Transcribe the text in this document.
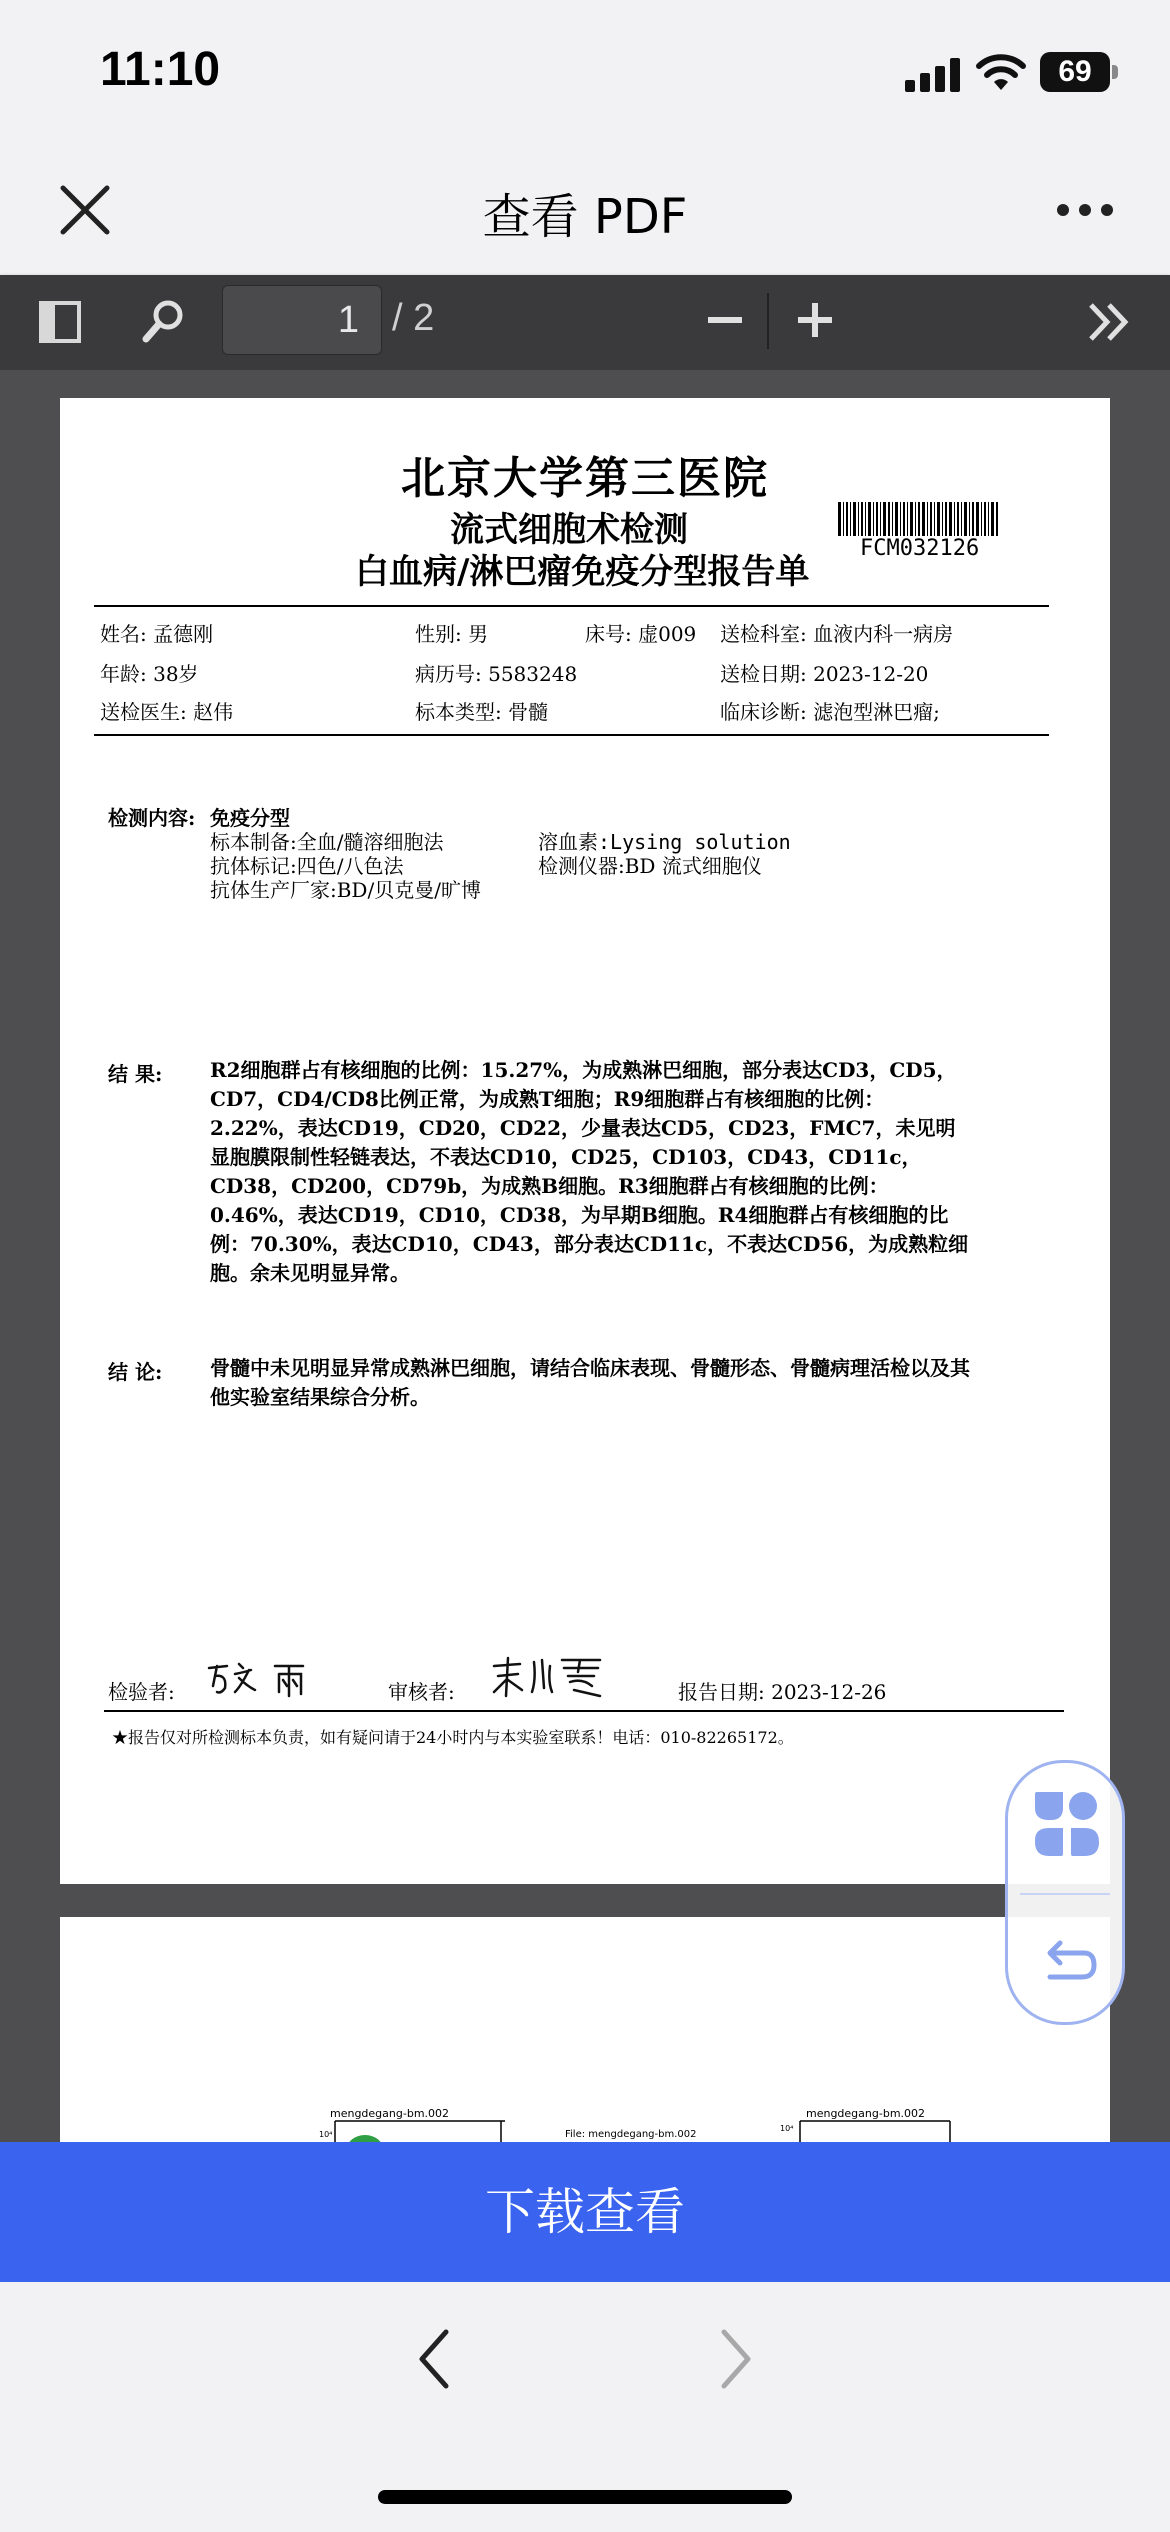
11:10	69
查看 PDF
1 / 2
北京大学第三医院
流式细胞术检测
白血病/淋巴瘤免疫分型报告单
FCM032126
姓名: 孟德刚	性别: 男	床号: 虚009 送检科室: 血液内科一病房
年龄: 38岁	病历号: 5583248	送检日期: 2023-12-20
送检医生: 赵伟	标本类型: 骨髓	临床诊断: 滤泡型淋巴瘤;
检测内容: 免疫分型
标本制备:全血/髓溶细胞法	溶血素:Lysing solution
抗体标记:四色/八色法	检测仪器:BD 流式细胞仪
抗体生产厂家:BD/贝克曼/旷博
结 果: R2细胞群占有核细胞的比例：15.27%，为成熟淋巴细胞，部分表达CD3，CD5，CD7，CD4/CD8比例正常，为成熟T细胞；R9细胞群占有核细胞的比例：2.22%，表达CD19，CD20，CD22，少量表达CD5，CD23，FMC7，未见明显胞膜限制性轻链表达，不表达CD10，CD25，CD103，CD43，CD11c，CD38，CD200，CD79b，为成熟B细胞。R3细胞群占有核细胞的比例：0.46%，表达CD19，CD10，CD38，为早期B细胞。R4细胞群占有核细胞的比例：70.30%，表达CD10，CD43，部分表达CD11c，不表达CD56，为成熟粒细胞。余未见明显异常。
结 论: 骨髓中未见明显异常成熟淋巴细胞，请结合临床表现、骨髓形态、骨髓病理活检以及其他实验室结果综合分析。
检验者:	审核者:	报告日期: 2023-12-26
★报告仅对所检测标本负责，如有疑问请于24小时内与本实验室联系！电话：010-82265172。
mengdegang-bm.002
10⁴	File: mengdegang-bm.002
mengdegang-bm.002
10⁴
下载查看
